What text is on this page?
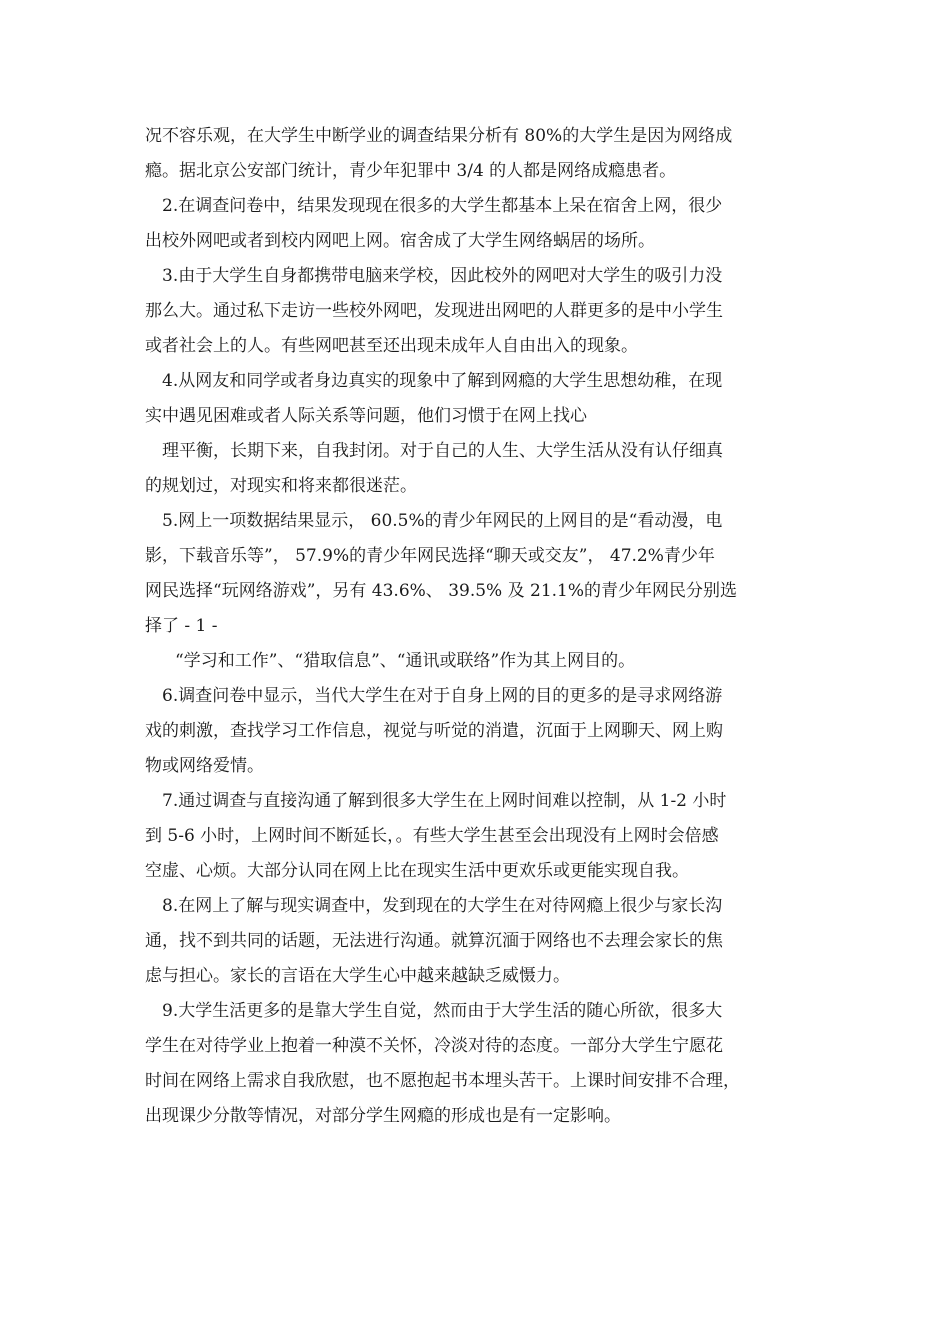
况不容乐观，在大学生中断学业的调查结果分析有 80%的大学生是因为网络成
瘾。据北京公安部门统计，青少年犯罪中 3/4 的人都是网络成瘾患者。
2.在调查问卷中，结果发现现在很多的大学生都基本上呆在宿舍上网，很少
出校外网吧或者到校内网吧上网。宿舍成了大学生网络蜗居的场所。
3.由于大学生自身都携带电脑来学校，因此校外的网吧对大学生的吸引力没
那么大。通过私下走访一些校外网吧，发现进出网吧的人群更多的是中小学生
或者社会上的人。有些网吧甚至还出现未成年人自由出入的现象。
4.从网友和同学或者身边真实的现象中了解到网瘾的大学生思想幼稚，在现
实中遇见困难或者人际关系等问题，他们习惯于在网上找心
理平衡，长期下来，自我封闭。对于自己的人生、大学生活从没有认仔细真
的规划过，对现实和将来都很迷茫。
5.网上一项数据结果显示， 60.5%的青少年网民的上网目的是“看动漫，电
影，下载音乐等”， 57.9%的青少年网民选择“聊天或交友”， 47.2%青少年
网民选择“玩网络游戏”，另有 43.6%、 39.5% 及 21.1%的青少年网民分别选
择了 - 1 -
“学习和工作”、“猎取信息”、“通讯或联络”作为其上网目的。
6.调查问卷中显示，当代大学生在对于自身上网的目的更多的是寻求网络游
戏的刺激，查找学习工作信息，视觉与听觉的消遣，沉面于上网聊天、网上购
物或网络爱情。
7.通过调查与直接沟通了解到很多大学生在上网时间难以控制，从 1-2 小时
到 5-6 小时，上网时间不断延长，。有些大学生甚至会出现没有上网时会倍感
空虚、心烦。大部分认同在网上比在现实生活中更欢乐或更能实现自我。
8.在网上了解与现实调查中，发到现在的大学生在对待网瘾上很少与家长沟
通，找不到共同的话题，无法进行沟通。就算沉湎于网络也不去理会家长的焦
虑与担心。家长的言语在大学生心中越来越缺乏威慑力。
9.大学生活更多的是靠大学生自觉，然而由于大学生活的随心所欲，很多大
学生在对待学业上抱着一种漠不关怀，冷淡对待的态度。一部分大学生宁愿花
时间在网络上需求自我欣慰，也不愿抱起书本埋头苦干。上课时间安排不合理，
出现课少分散等情况，对部分学生网瘾的形成也是有一定影响。
